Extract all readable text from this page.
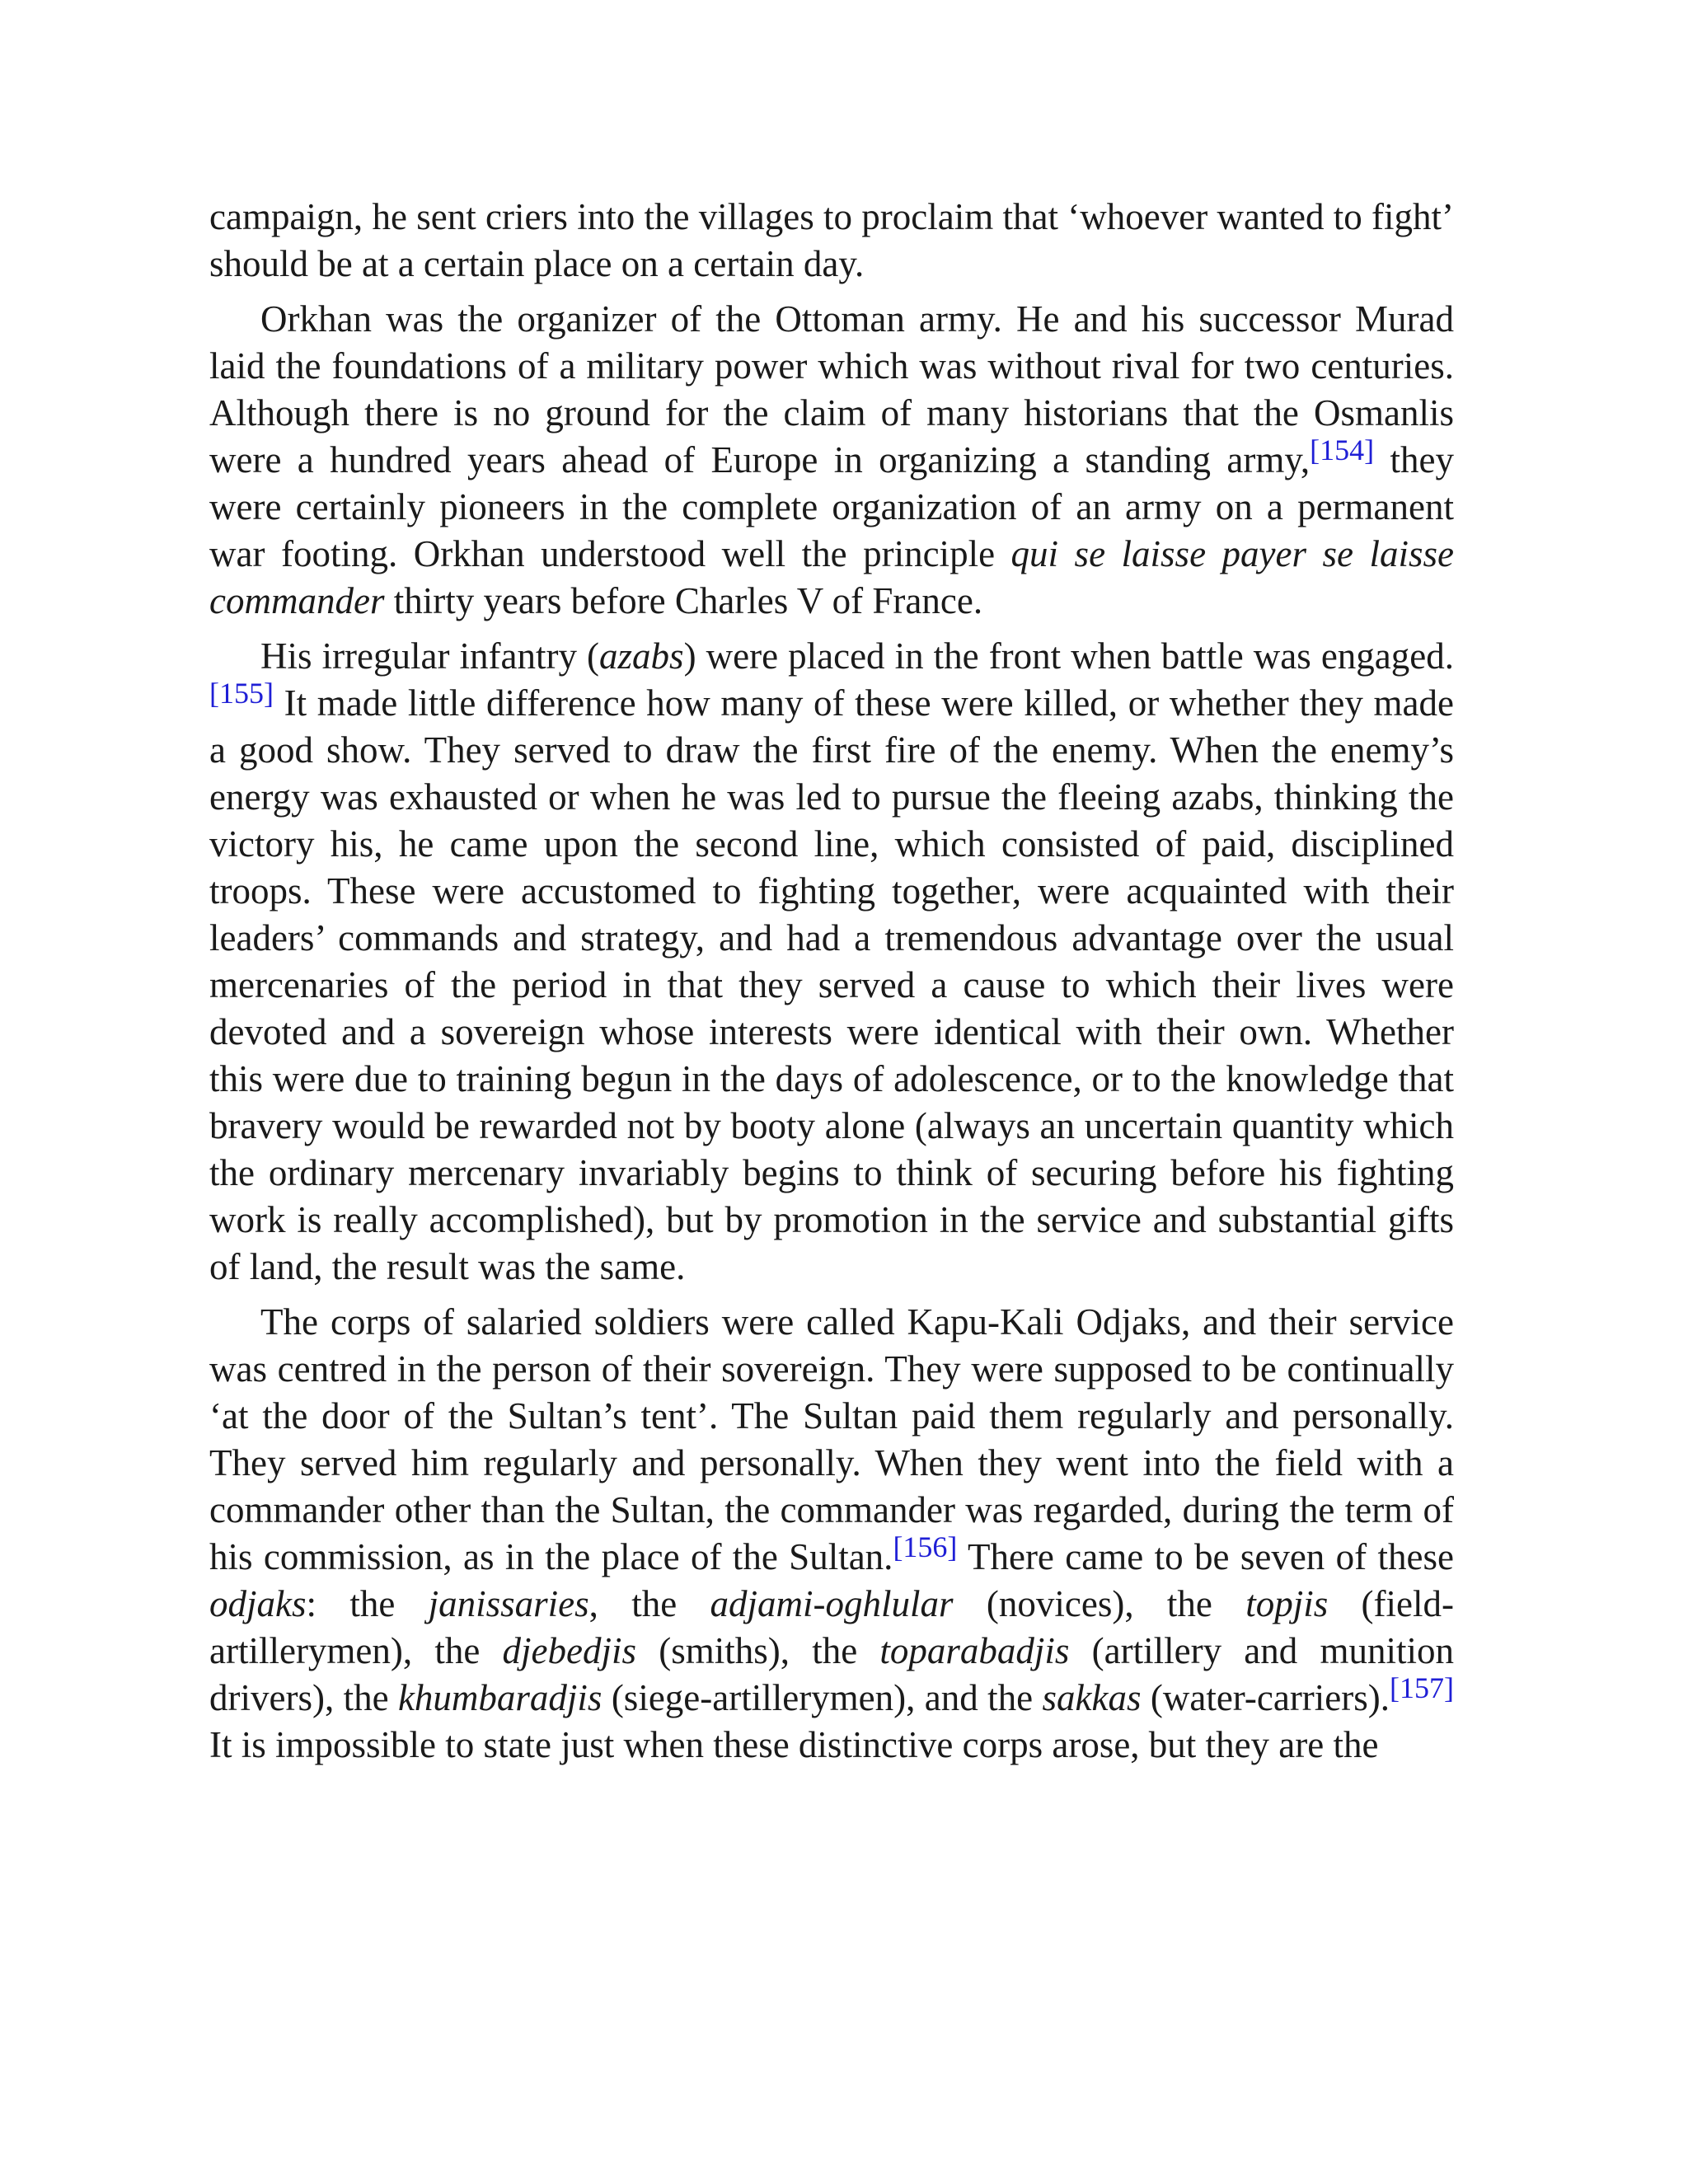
campaign, he sent criers into the villages to proclaim that ‘whoever wanted to fight’ should be at a certain place on a certain day.

Orkhan was the organizer of the Ottoman army. He and his successor Murad laid the foundations of a military power which was without rival for two centuries. Although there is no ground for the claim of many historians that the Osmanlis were a hundred years ahead of Europe in organizing a standing army,[154] they were certainly pioneers in the complete organization of an army on a permanent war footing. Orkhan understood well the principle qui se laisse payer se laisse commander thirty years before Charles V of France.

His irregular infantry (azabs) were placed in the front when battle was engaged.[155] It made little difference how many of these were killed, or whether they made a good show. They served to draw the first fire of the enemy. When the enemy’s energy was exhausted or when he was led to pursue the fleeing azabs, thinking the victory his, he came upon the second line, which consisted of paid, disciplined troops. These were accustomed to fighting together, were acquainted with their leaders’ commands and strategy, and had a tremendous advantage over the usual mercenaries of the period in that they served a cause to which their lives were devoted and a sovereign whose interests were identical with their own. Whether this were due to training begun in the days of adolescence, or to the knowledge that bravery would be rewarded not by booty alone (always an uncertain quantity which the ordinary mercenary invariably begins to think of securing before his fighting work is really accomplished), but by promotion in the service and substantial gifts of land, the result was the same.

The corps of salaried soldiers were called Kapu-Kali Odjaks, and their service was centred in the person of their sovereign. They were supposed to be continually ‘at the door of the Sultan’s tent’. The Sultan paid them regularly and personally. They served him regularly and personally. When they went into the field with a commander other than the Sultan, the commander was regarded, during the term of his commission, as in the place of the Sultan.[156] There came to be seven of these odjaks: the janissaries, the adjami-oghlular (novices), the topjis (field-artillerymen), the djebedjis (smiths), the toparabadjis (artillery and munition drivers), the khumbaradjis (siege-artillerymen), and the sakkas (water-carriers).[157] It is impossible to state just when these distinctive corps arose, but they are the
